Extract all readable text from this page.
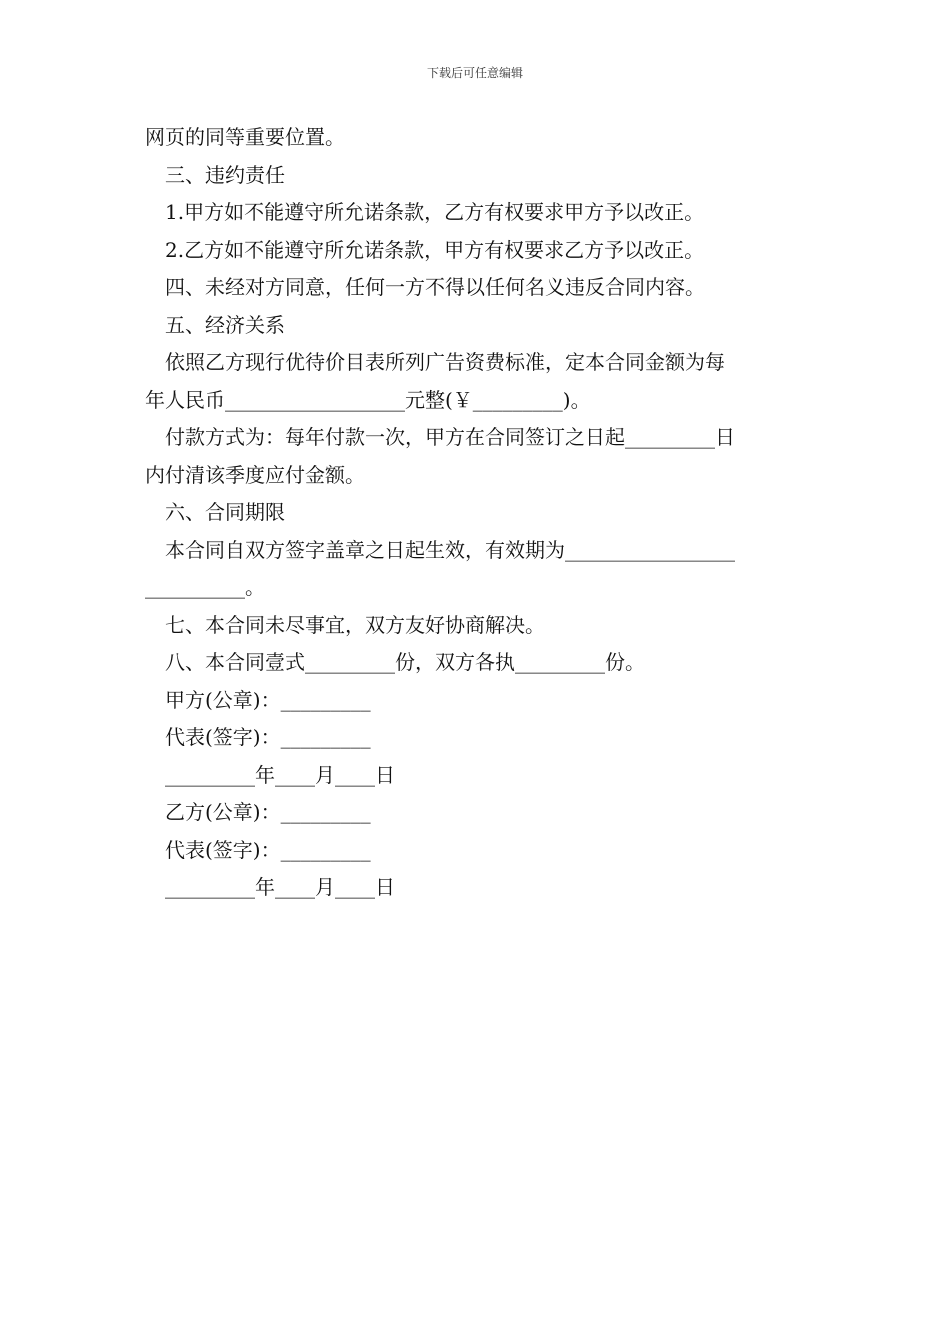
下载后可任意编辑

网页的同等重要位置。

三、违约责任

1.甲方如不能遵守所允诺条款，乙方有权要求甲方予以改正。

2.乙方如不能遵守所允诺条款，甲方有权要求乙方予以改正。

四、未经对方同意，任何一方不得以任何名义违反合同内容。

五、经济关系

依照乙方现行优待价目表所列广告资费标准，定本合同金额为每

年人民币__________________元整(￥_________)。

付款方式为：每年付款一次，甲方在合同签订之日起_________日

内付清该季度应付金额。

六、合同期限

本合同自双方签字盖章之日起生效，有效期为_________________

__________。

七、本合同未尽事宜，双方友好协商解决。

八、本合同壹式_________份，双方各执_________份。

甲方(公章)：_________

代表(签字)：_________

_________年____月____日

乙方(公章)：_________

代表(签字)：_________

_________年____月____日
